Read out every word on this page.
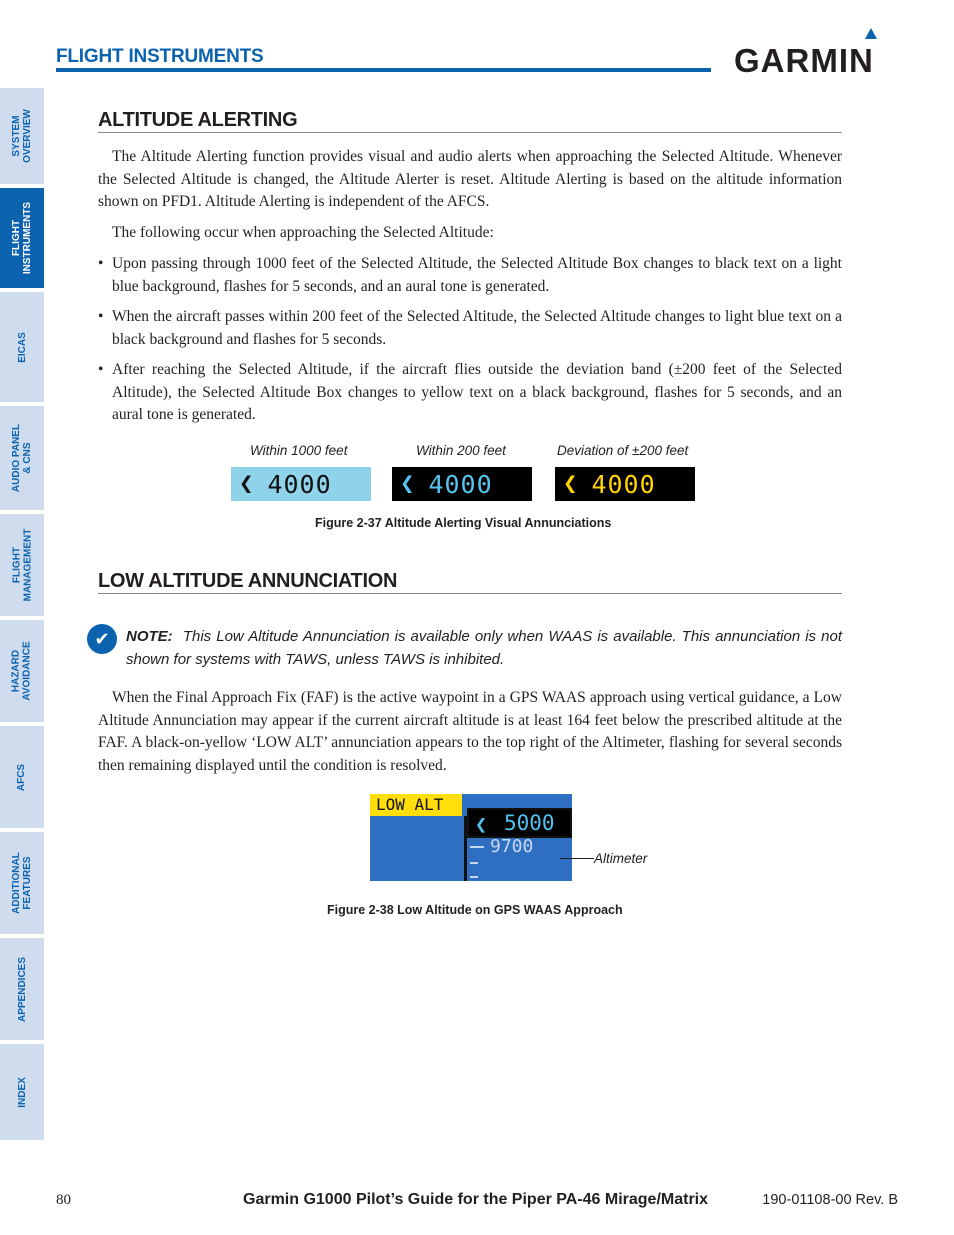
FLIGHT INSTRUMENTS	GARMIN
SYSTEM
OVERVIEW
FLIGHT
INSTRUMENTS
EICAS
AUDIO PANEL
& CNS
FLIGHT
MANAGEMENT
HAZARD
AVOIDANCE
AFCS
ADDITIONAL
FEATURES
APPENDICES
INDEX
ALTITUDE ALERTING

The Altitude Alerting function provides visual and audio alerts when approaching the Selected Altitude. Whenever the Selected Altitude is changed, the Altitude Alerter is reset. Altitude Alerting is based on the altitude information shown on PFD1. Altitude Alerting is independent of the AFCS.

The following occur when approaching the Selected Altitude:

• Upon passing through 1000 feet of the Selected Altitude, the Selected Altitude Box changes to black text on a light blue background, flashes for 5 seconds, and an aural tone is generated.
• When the aircraft passes within 200 feet of the Selected Altitude, the Selected Altitude changes to light blue text on a black background and flashes for 5 seconds.
• After reaching the Selected Altitude, if the aircraft flies outside the deviation band (±200 feet of the Selected Altitude), the Selected Altitude Box changes to yellow text on a black background, flashes for 5 seconds, and an aural tone is generated.
Within 1000 feet	Within 200 feet	Deviation of ±200 feet
❮ 4000	❮ 4000	❮ 4000
Figure 2-37 Altitude Alerting Visual Annunciations
LOW ALTITUDE ANNUNCIATION
✔	NOTE: This Low Altitude Annunciation is available only when WAAS is available. This annunciation is not shown for systems with TAWS, unless TAWS is inhibited.

When the Final Approach Fix (FAF) is the active waypoint in a GPS WAAS approach using vertical guidance, a Low Altitude Annunciation may appear if the current aircraft altitude is at least 164 feet below the prescribed altitude at the FAF. A black-on-yellow ‘LOW ALT’ annunciation appears to the top right of the Altimeter, flashing for several seconds then remaining displayed until the condition is resolved.

LOW ALT
❮ 5000
9700
Altimeter
Figure 2-38 Low Altitude on GPS WAAS Approach
80	Garmin G1000 Pilot’s Guide for the Piper PA-46 Mirage/Matrix	190-01108-00 Rev. B
